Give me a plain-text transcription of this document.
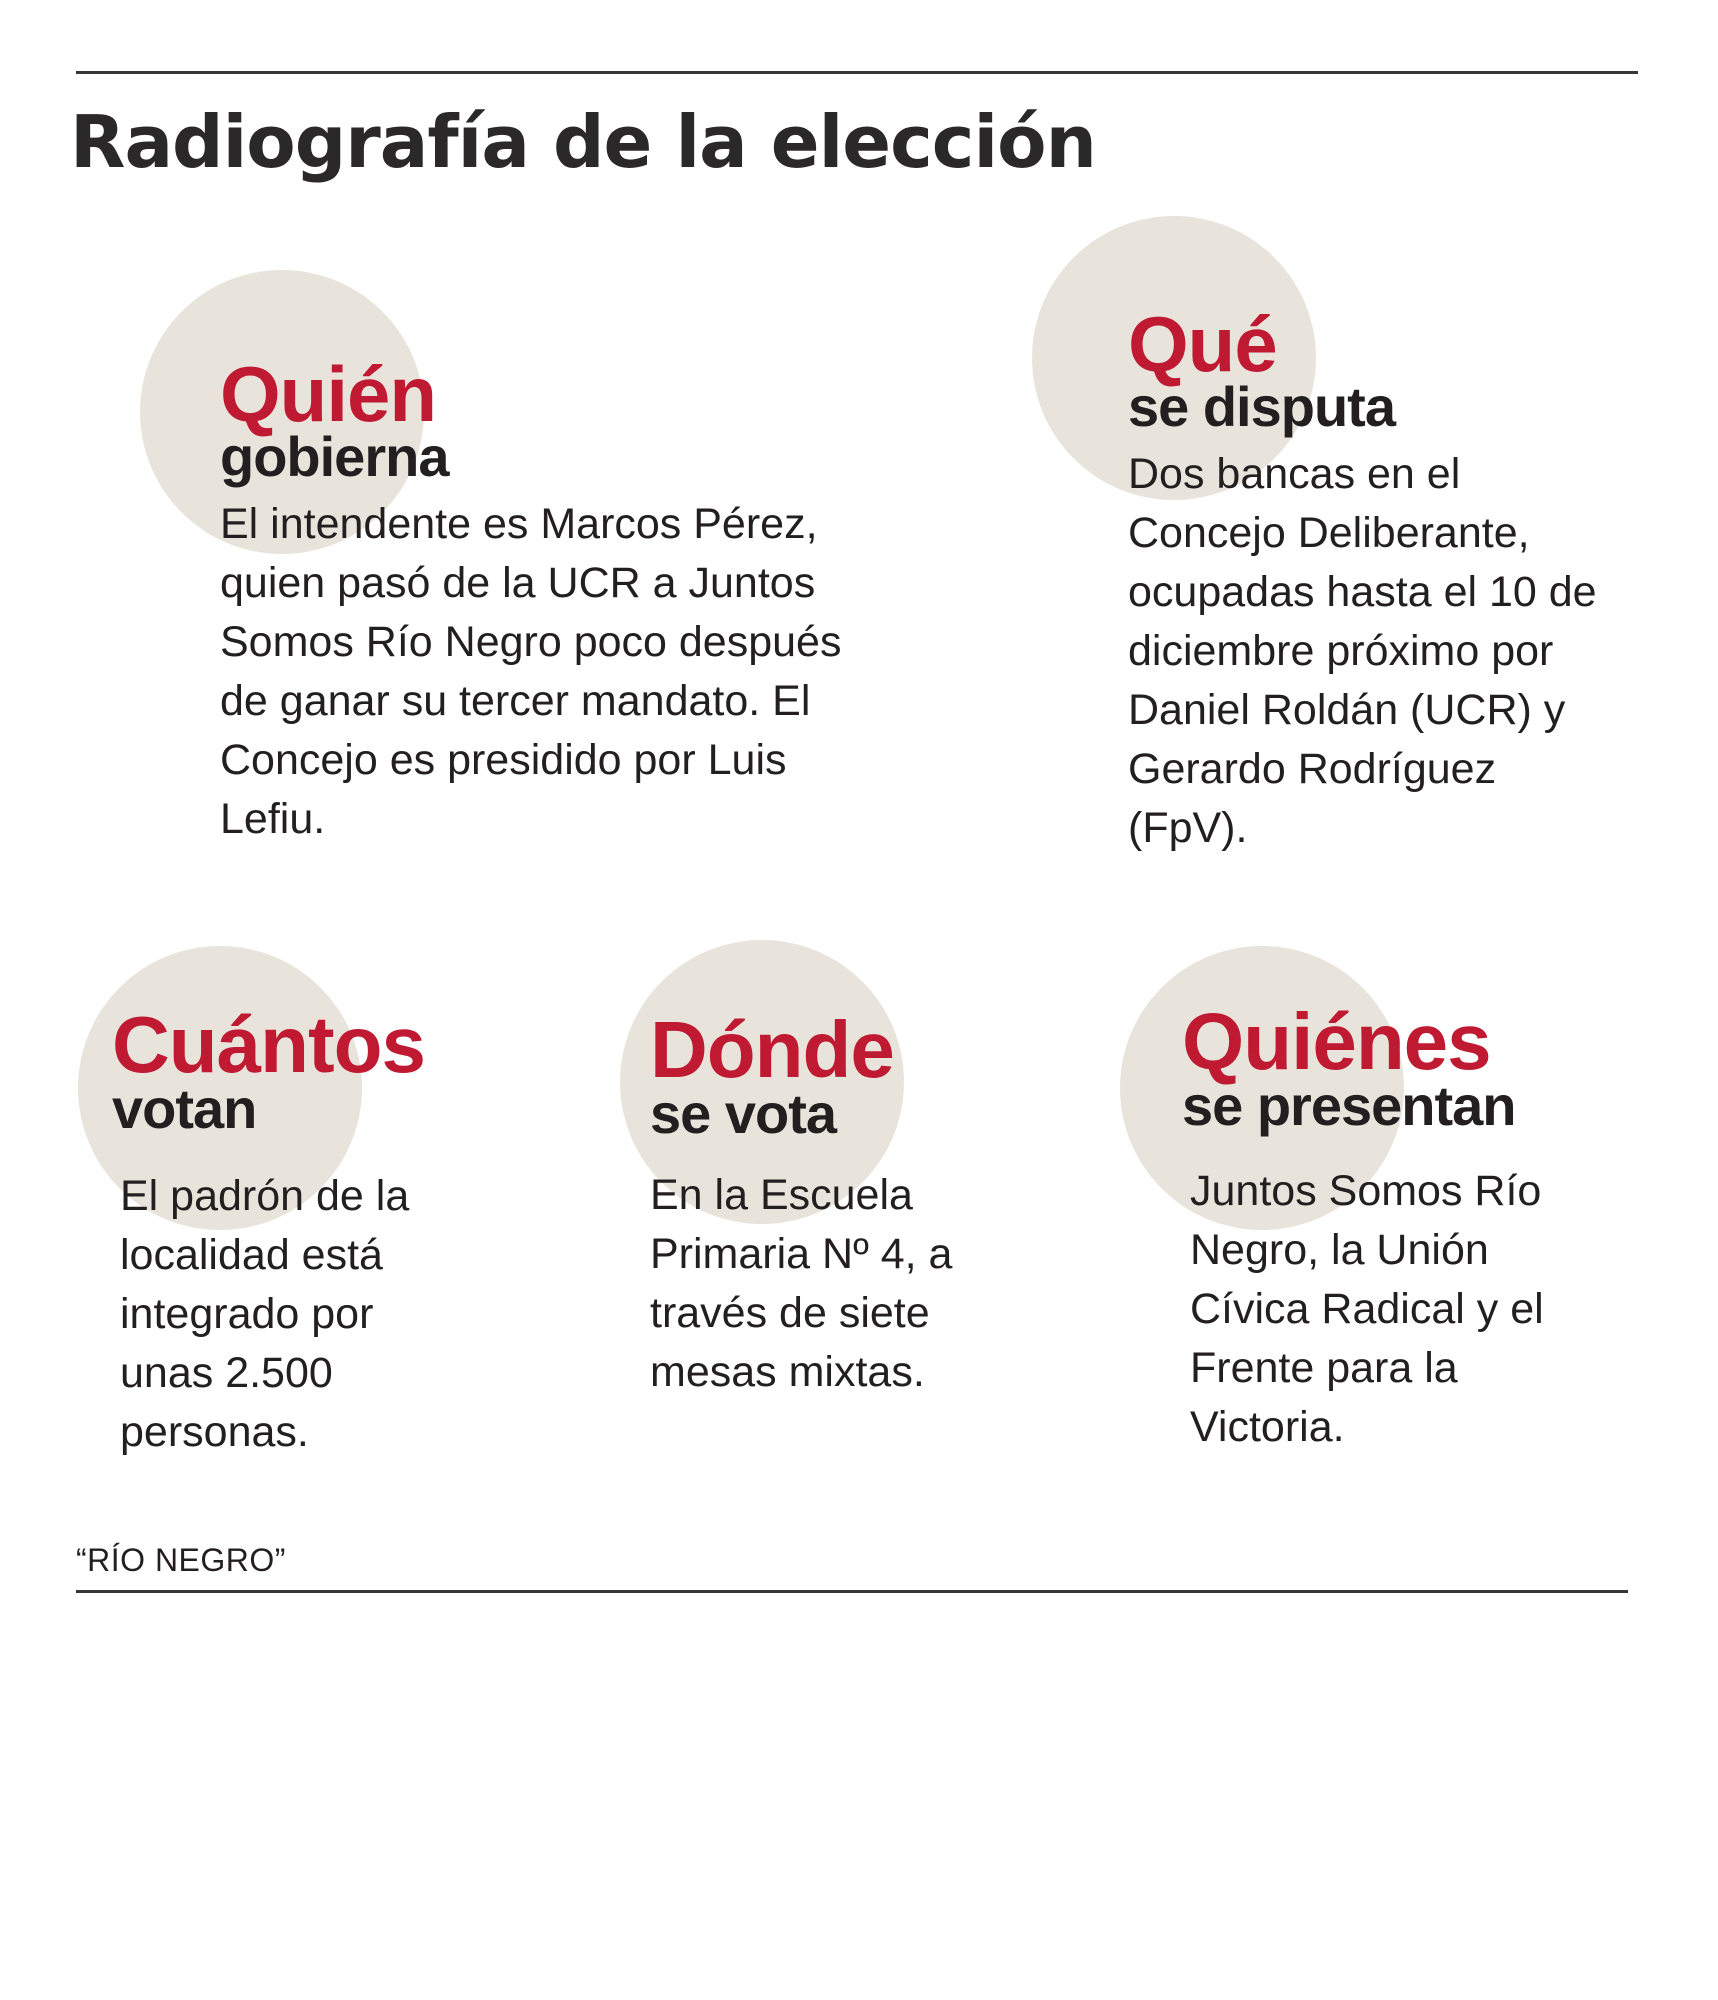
Radiografía de la elección

Quién

gobierna

El intendente es Marcos Pérez, quien pasó de la UCR a Juntos Somos Río Negro poco después de ganar su tercer mandato. El Concejo es presidido por Luis Lefiu.

Qué

se disputa

Dos bancas en el Concejo Deliberante, ocupadas hasta el 10 de diciembre próximo por Daniel Roldán (UCR) y Gerardo Rodríguez (FpV).

Cuántos

votan

El padrón de la localidad está integrado por unas 2.500 personas.

Dónde

se vota

En la Escuela Primaria Nº 4, a través de siete mesas mixtas.

Quiénes

se presentan

Juntos Somos Río Negro, la Unión Cívica Radical y el Frente para la Victoria.

“RÍO NEGRO”
